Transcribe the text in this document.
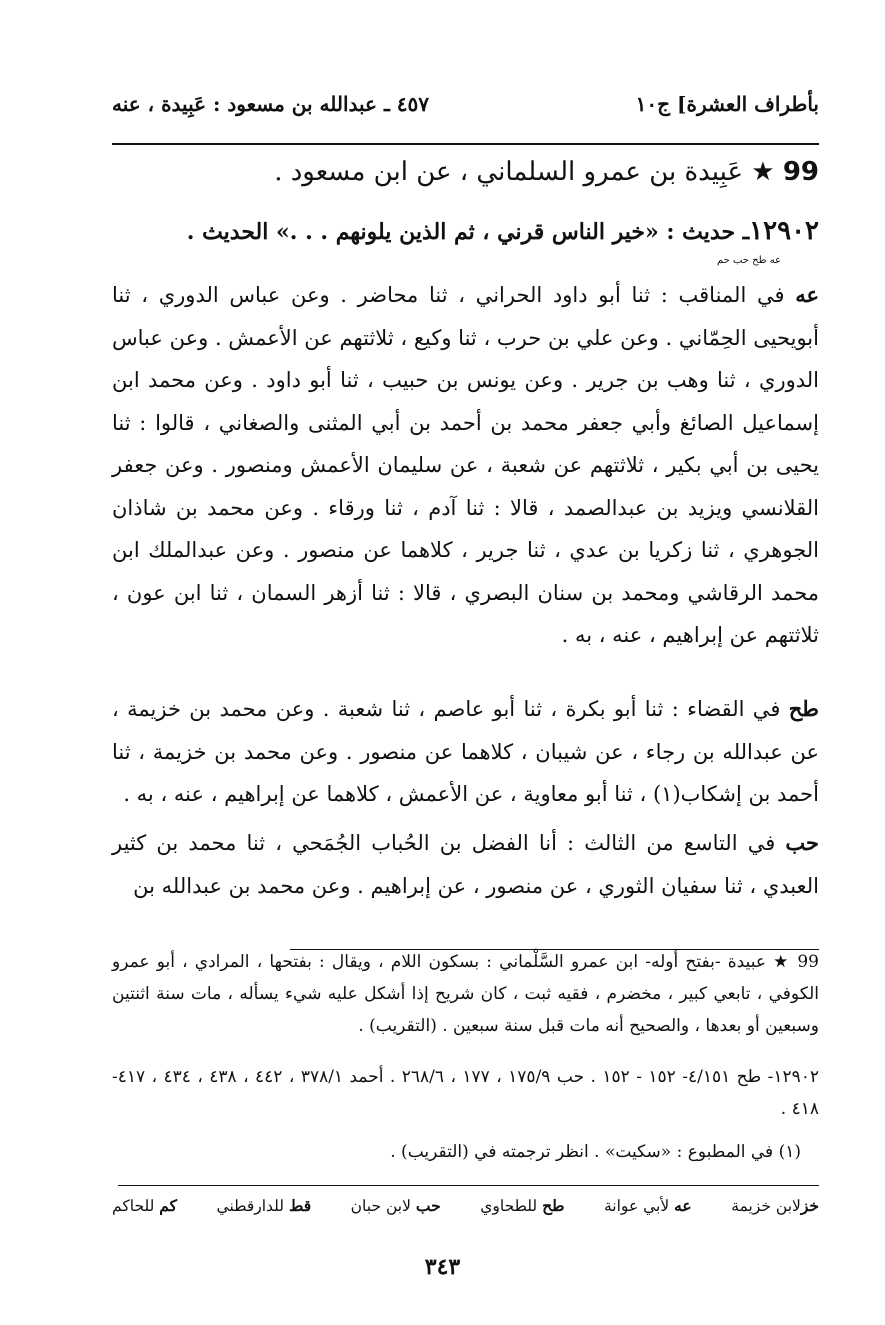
بأطراف العشرة] ج١٠
٤٥٧ ـ عبدالله بن مسعود : عَبِيدة ، عنه
99 ★ عَبِيدة بن عمرو السلماني ، عن ابن مسعود .
١٢٩٠٢ـ حديث : «خير الناس قرني ، ثم الذين يلونهم . . .» الحديث .
عه طح حب حم
عه في المناقب : ثنا أبو داود الحراني ، ثنا محاضر . وعن عباس الدوري ، ثنا أبويحيى الحِمّاني . وعن علي بن حرب ، ثنا وكيع ، ثلاثتهم عن الأعمش . وعن عباس الدوري ، ثنا وهب بن جرير . وعن يونس بن حبيب ، ثنا أبو داود . وعن محمد ابن إسماعيل الصائغ وأبي جعفر محمد بن أحمد بن أبي المثنى والصغاني ، قالوا : ثنا يحيى بن أبي بكير ، ثلاثتهم عن شعبة ، عن سليمان الأعمش ومنصور . وعن جعفر القلانسي ويزيد بن عبدالصمد ، قالا : ثنا آدم ، ثنا ورقاء . وعن محمد بن شاذان الجوهري ، ثنا زكريا بن عدي ، ثنا جرير ، كلاهما عن منصور . وعن عبدالملك ابن محمد الرقاشي ومحمد بن سنان البصري ، قالا : ثنا أزهر السمان ، ثنا ابن عون ، ثلاثتهم عن إبراهيم ، عنه ، به .
طح في القضاء : ثنا أبو بكرة ، ثنا أبو عاصم ، ثنا شعبة . وعن محمد بن خزيمة ، عن عبدالله بن رجاء ، عن شيبان ، كلاهما عن منصور . وعن محمد بن خزيمة ، ثنا أحمد بن إشكاب(١) ، ثنا أبو معاوية ، عن الأعمش ، كلاهما عن إبراهيم ، عنه ، به .
حب في التاسع من الثالث : أنا الفضل بن الحُباب الجُمَحي ، ثنا محمد بن كثير العبدي ، ثنا سفيان الثوري ، عن منصور ، عن إبراهيم . وعن محمد بن عبدالله بن
99 ★ عبيدة -بفتح أوله- ابن عمرو السَّلْماني : بسكون اللام ، ويقال : بفتحها ، المرادي ، أبو عمرو الكوفي ، تابعي كبير ، مخضرم ، فقيه ثبت ، كان شريح إذا أشكل عليه شيء يسأله ، مات سنة اثنتين وسبعين أو بعدها ، والصحيح أنه مات قبل سنة سبعين . (التقريب) .
١٢٩٠٢- طح ٤/١٥١- ١٥٢ - ١٥٢ . حب ١٧٥/٩ ، ١٧٧ ، ٢٦٨/٦ . أحمد ٣٧٨/١ ، ٤٤٢ ، ٤٣٨ ، ٤٣٤ ، ٤١٧- ٤١٨ .
(١) في المطبوع : «سكيت» . انظر ترجمته في (التقريب) .
خزلابن خزيمة
عه لأبي عوانة
طح للطحاوي
حب لابن حبان
قط للدارقطني
كم للحاكم
٣٤٣
